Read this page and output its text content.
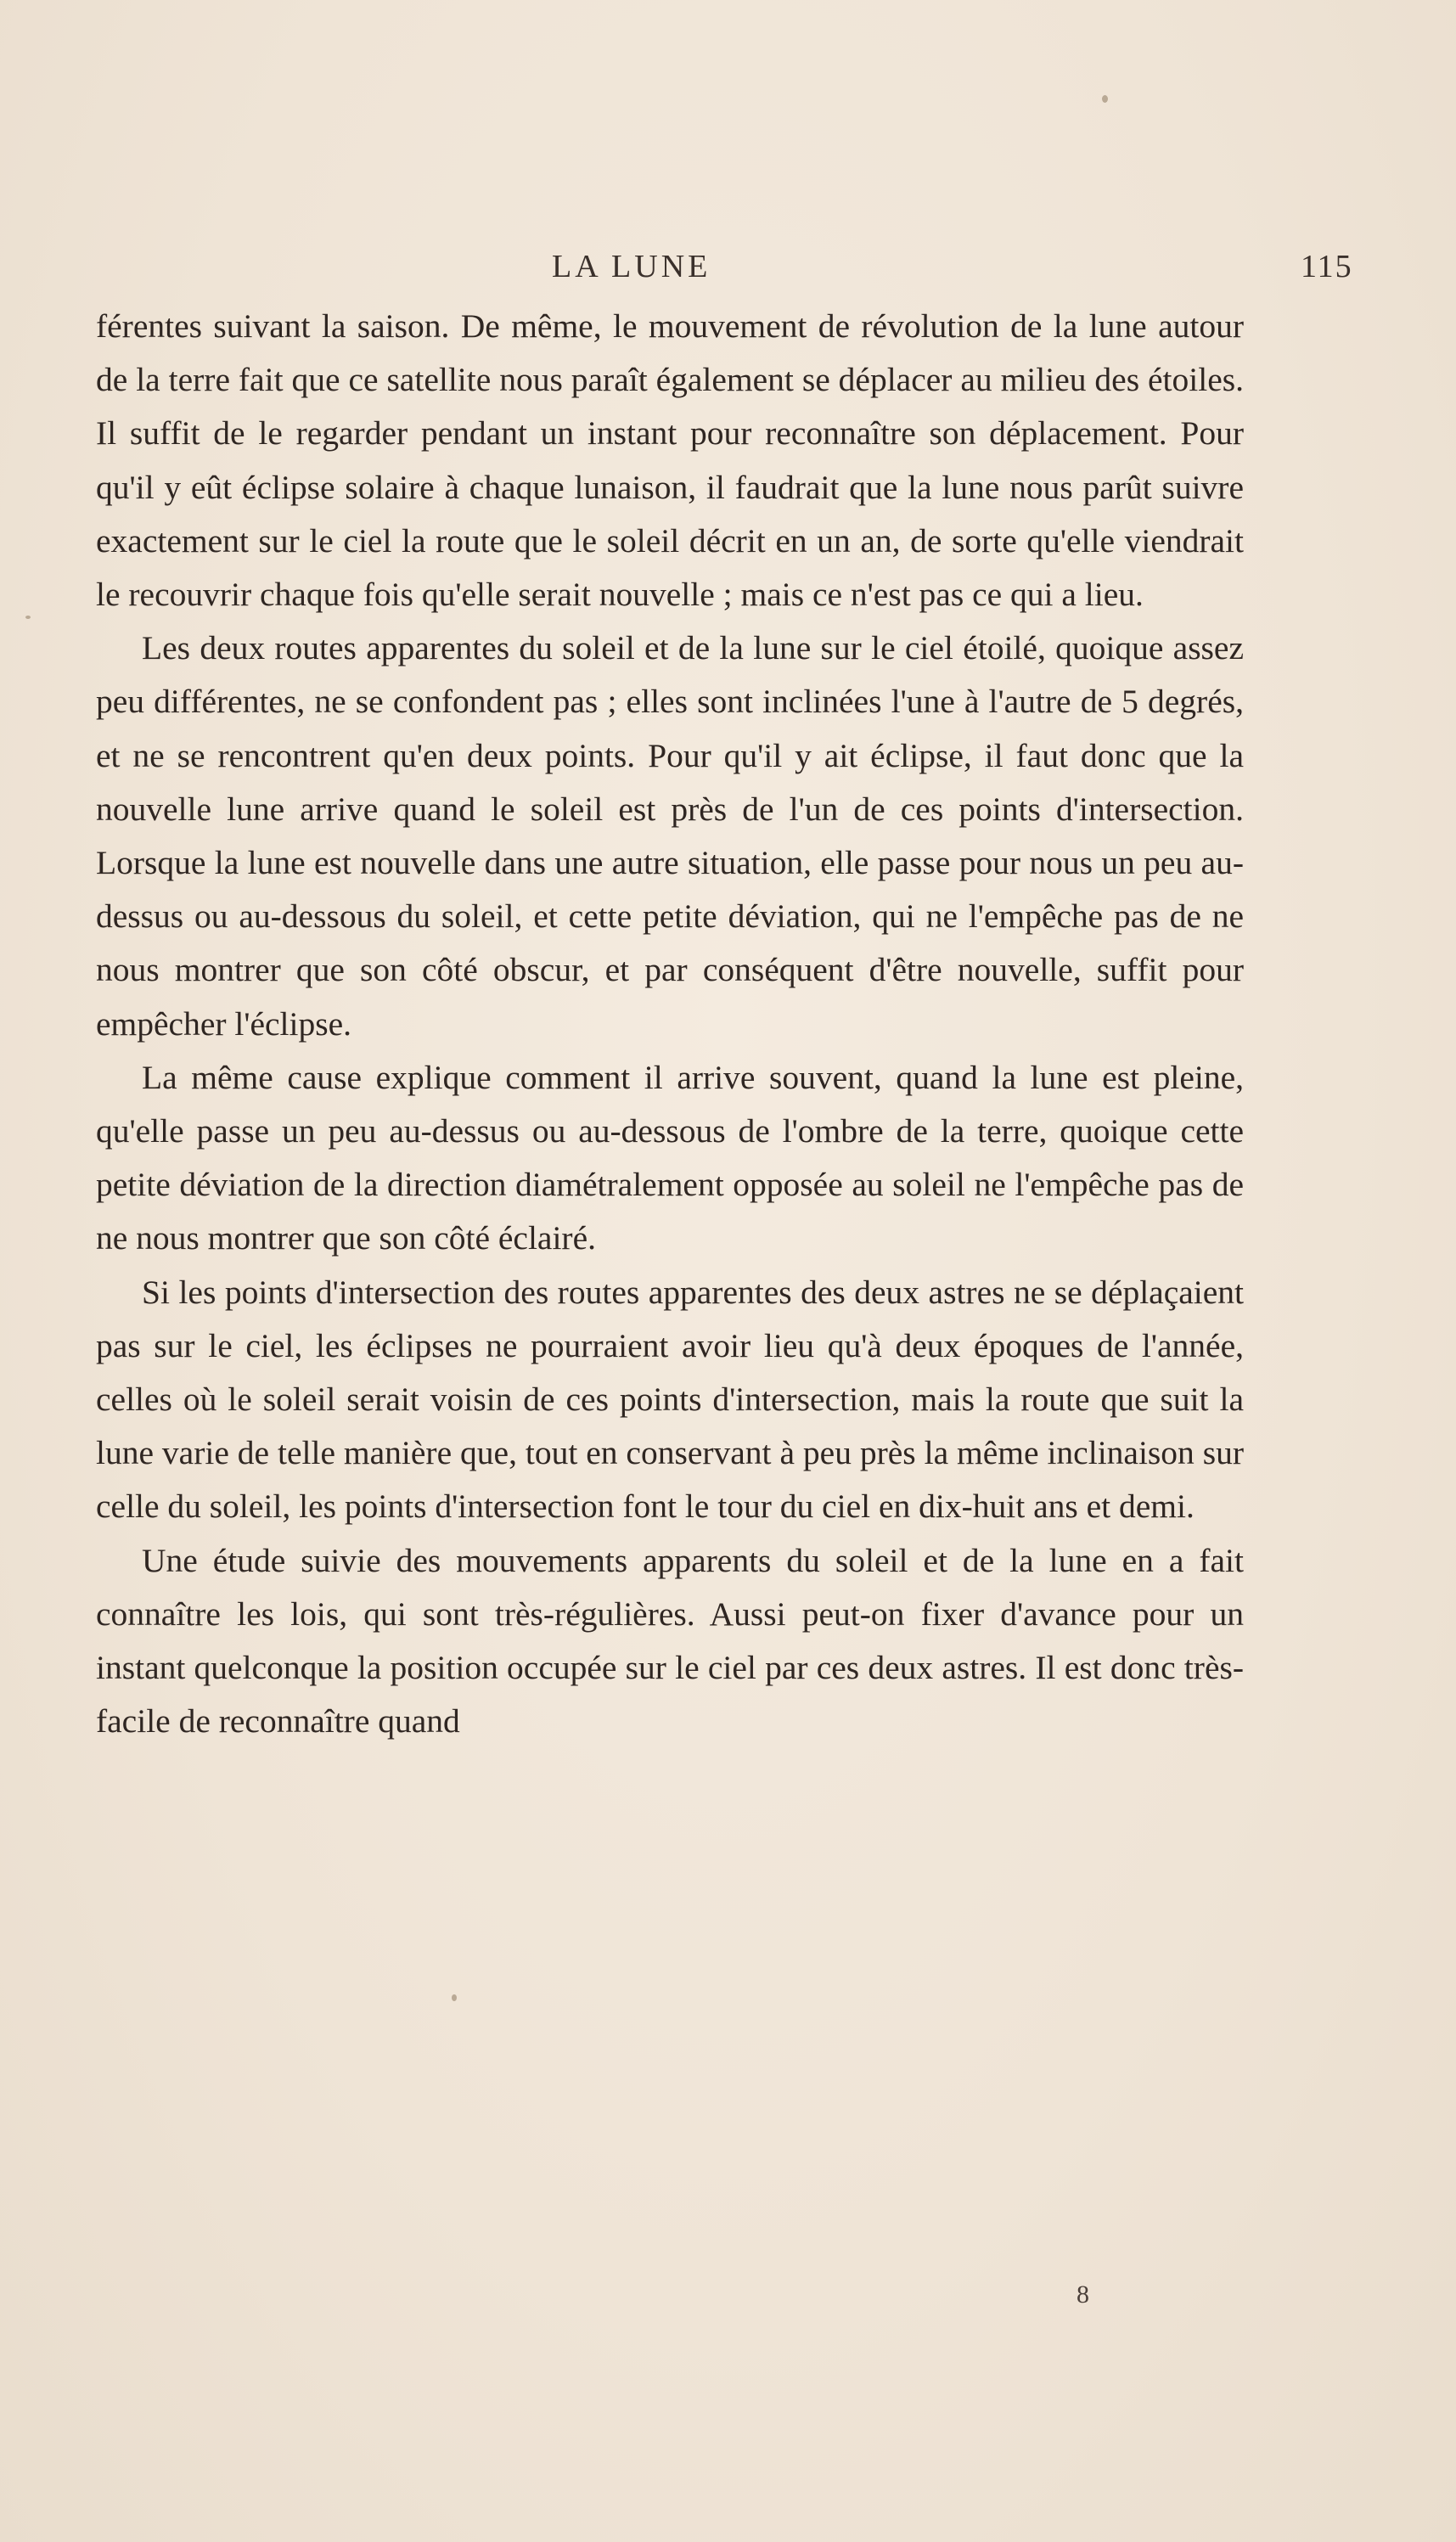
LA LUNE	115

férentes suivant la saison. De même, le mouvement de révolution de la lune autour de la terre fait que ce satellite nous paraît également se déplacer au milieu des étoiles. Il suffit de le regarder pendant un instant pour reconnaître son déplacement. Pour qu'il y eût éclipse solaire à chaque lunaison, il faudrait que la lune nous parût suivre exactement sur le ciel la route que le soleil décrit en un an, de sorte qu'elle viendrait le recouvrir chaque fois qu'elle serait nouvelle ; mais ce n'est pas ce qui a lieu.

Les deux routes apparentes du soleil et de la lune sur le ciel étoilé, quoique assez peu différentes, ne se confondent pas ; elles sont inclinées l'une à l'autre de 5 degrés, et ne se rencontrent qu'en deux points. Pour qu'il y ait éclipse, il faut donc que la nouvelle lune arrive quand le soleil est près de l'un de ces points d'intersection. Lorsque la lune est nouvelle dans une autre situation, elle passe pour nous un peu au-dessus ou au-dessous du soleil, et cette petite déviation, qui ne l'empêche pas de ne nous montrer que son côté obscur, et par conséquent d'être nouvelle, suffit pour empêcher l'éclipse.

La même cause explique comment il arrive souvent, quand la lune est pleine, qu'elle passe un peu au-dessus ou au-dessous de l'ombre de la terre, quoique cette petite déviation de la direction diamétralement opposée au soleil ne l'empêche pas de ne nous montrer que son côté éclairé.

Si les points d'intersection des routes apparentes des deux astres ne se déplaçaient pas sur le ciel, les éclipses ne pourraient avoir lieu qu'à deux époques de l'année, celles où le soleil serait voisin de ces points d'intersection, mais la route que suit la lune varie de telle manière que, tout en conservant à peu près la même inclinaison sur celle du soleil, les points d'intersection font le tour du ciel en dix-huit ans et demi.

Une étude suivie des mouvements apparents du soleil et de la lune en a fait connaître les lois, qui sont très-régulières. Aussi peut-on fixer d'avance pour un instant quelconque la position occupée sur le ciel par ces deux astres. Il est donc très-facile de reconnaître quand

8
